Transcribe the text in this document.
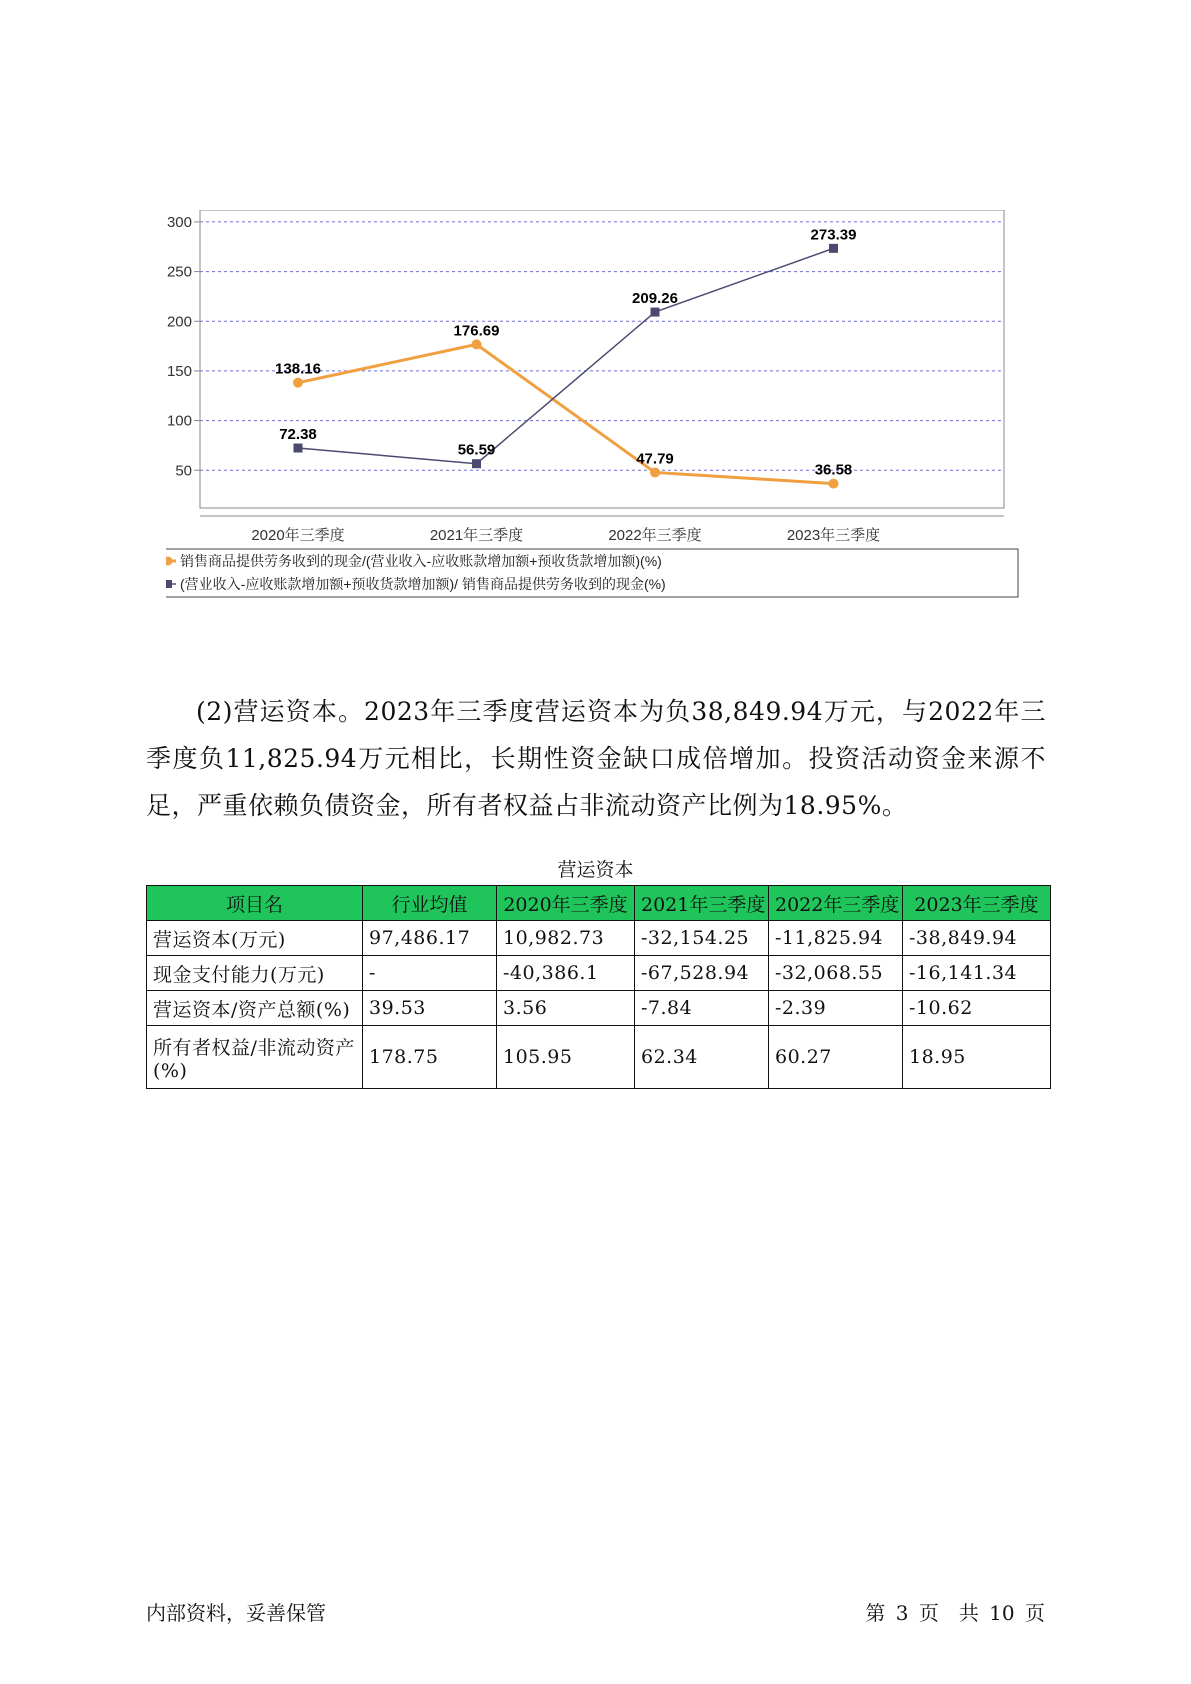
50
100
150
200
250
300
2020年三季度	2021年三季度	2022年三季度	2023年三季度
138.16
176.69
47.79
36.58
72.38
56.59
209.26
273.39
销售商品提供劳务收到的现金/(营业收入-应收账款增加额+预收货款增加额)(%)
(营业收入-应收账款增加额+预收货款增加额)/ 销售商品提供劳务收到的现金(%)

(2)营运资本。2023年三季度营运资本为负38,849.94万元，与2022年三季度负11,825.94万元相比，长期性资金缺口成倍增加。投资活动资金来源不足，严重依赖负债资金，所有者权益占非流动资产比例为18.95%。

营运资本
项目名	行业均值	2020年三季度	2021年三季度	2022年三季度	2023年三季度
营运资本(万元)	97,486.17	10,982.73	-32,154.25	-11,825.94	-38,849.94
现金支付能力(万元)	-	-40,386.1	-67,528.94	-32,068.55	-16,141.34
营运资本/资产总额(%)	39.53	3.56	-7.84	-2.39	-10.62
所有者权益/非流动资产(%)	178.75	105.95	62.34	60.27	18.95
内部资料，妥善保管	第 3 页　共 10 页
